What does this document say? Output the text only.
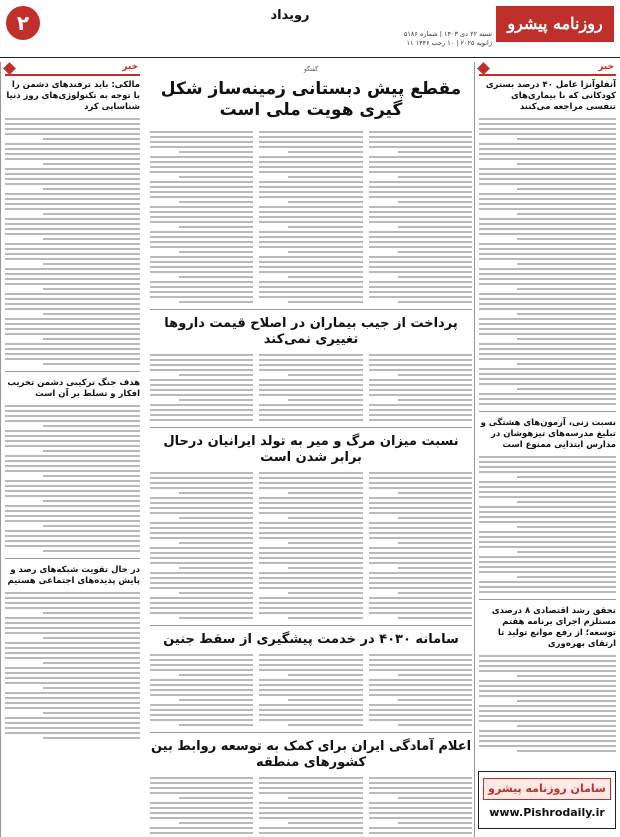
۲	رویداد	روزنامه پیشرو
شنبه ۲۲ دی ۱۴۰۳ | شماره ۵۱۸۶
۱۱ ژانویه ۲۰۲۵ | ۱۰ رجب ۱۴۴۶
خبر
آنفلوآنزا عامل ۴۰ درصد بستری کودکانی که با بیماری‌های تنفسی مراجعه می‌کنند
نسبت زنی، آزمون‌های هشتگی و تبلیغ مدرسه‌های تیزهوشان در مدارس ابتدایی ممنوع است
تحقق رشد اقتصادی ۸ درصدی مستلزم اجرای برنامه هفتم توسعه؛ از رفع موانع تولید تا ارتقای بهره‌وری
سامان روزنامه پیشرو
www.Pishrodaily.ir
گفتگو
مقطع پیش دبستانی زمینه‌ساز شکل گیری هویت ملی است
پرداخت از جیب بیماران در اصلاح قیمت داروها تغییری نمی‌کند
نسبت میزان مرگ و میر به تولد ایرانیان درحال برابر شدن است
سامانه ۴۰۳۰ در خدمت پیشگیری از سقط جنین
اعلام آمادگی ایران برای کمک به توسعه روابط بین کشورهای منطقه
خبر
مالکی: باید ترفندهای دشمن را با توجه به تکنولوژی‌های روز دنیا شناسایی کرد
هدف جنگ ترکیبی دشمن تخریب افکار و تسلط بر آن است
در حال تقویت شبکه‌های رصد و پایش پدیده‌های اجتماعی هستیم
